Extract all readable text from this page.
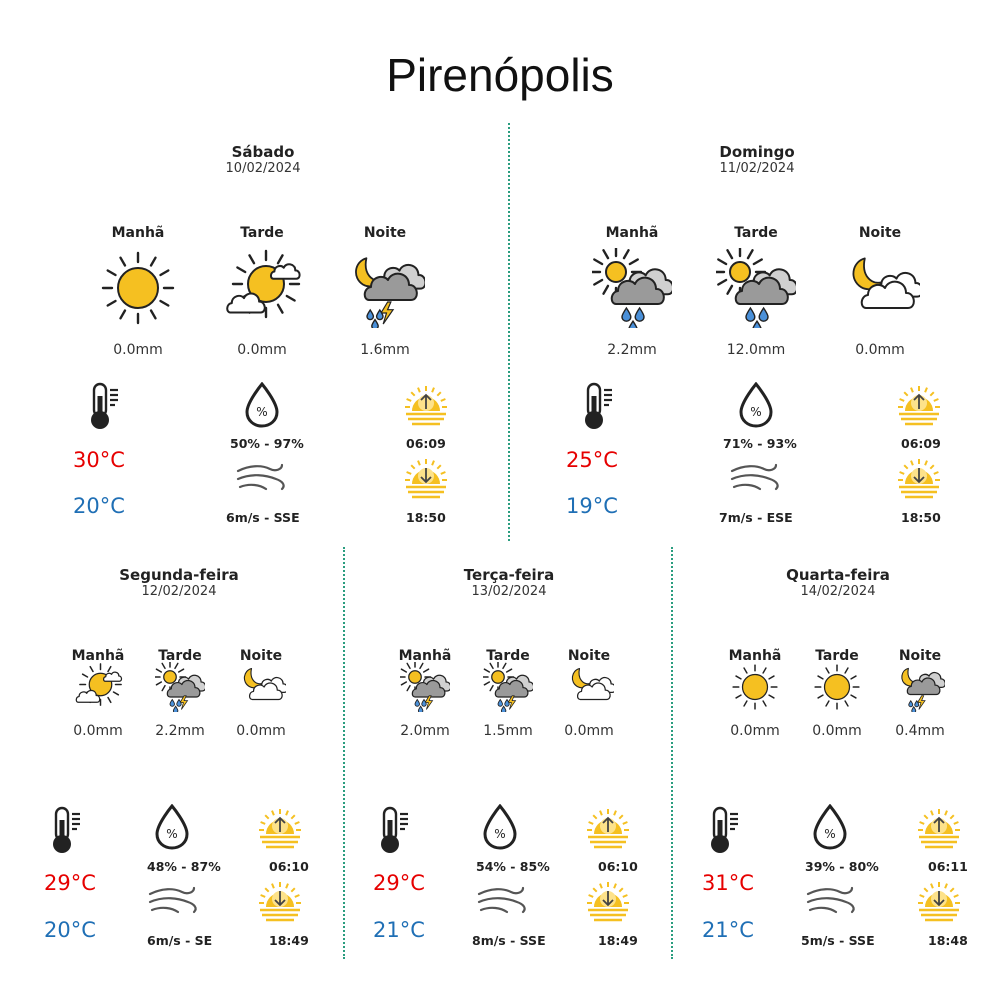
Pirenópolis
Sábado
10/02/2024
Manhã
0.0mm
Tarde
0.0mm
Noite
1.6mm
30°C
20°C
%
50% - 97%
6m/s - SSE
06:09
18:50
Domingo
11/02/2024
Manhã
2.2mm
Tarde
12.0mm
Noite
0.0mm
25°C
19°C
%
71% - 93%
7m/s - ESE
06:09
18:50
Segunda-feira
12/02/2024
Manhã
0.0mm
Tarde
2.2mm
Noite
0.0mm
29°C
20°C
%
48% - 87%
6m/s - SE
06:10
18:49
Terça-feira
13/02/2024
Manhã
2.0mm
Tarde
1.5mm
Noite
0.0mm
29°C
21°C
%
54% - 85%
8m/s - SSE
06:10
18:49
Quarta-feira
14/02/2024
Manhã
0.0mm
Tarde
0.0mm
Noite
0.4mm
31°C
21°C
%
39% - 80%
5m/s - SSE
06:11
18:48
